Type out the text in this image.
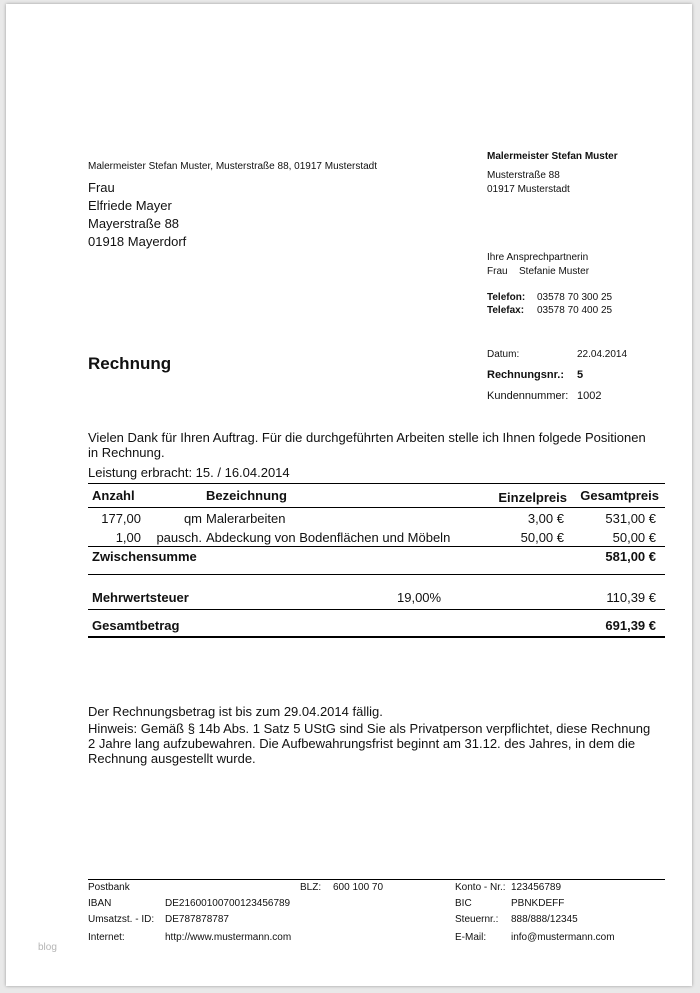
Malermeister Stefan Muster, Musterstraße 88, 01917 Musterstadt
Frau
Elfriede Mayer
Mayerstraße 88
01918 Mayerdorf
Malermeister Stefan Muster
Musterstraße 88
01917 Musterstadt
Ihre Ansprechpartnerin
Frau Stefanie Muster
Telefon: 03578 70 300 25
Telefax: 03578 70 400 25
Rechnung	Datum:	22.04.2014
Rechnungsnr.: 5
Kundennummer: 1002
Vielen Dank für Ihren Auftrag. Für die durchgeführten Arbeiten stelle ich Ihnen folgede Positionen
in Rechnung.
Leistung erbracht: 15. / 16.04.2014
Anzahl	Bezeichnung	Einzelpreis	Gesamtpreis
177,00	qm Malerarbeiten	3,00 €	531,00 €
1,00	pausch. Abdeckung von Bodenflächen und Möbeln	50,00 €	50,00 €
Zwischensumme	581,00 €
Mehrwertsteuer	19,00%	110,39 €
Gesamtbetrag	691,39 €
Der Rechnungsbetrag ist bis zum 29.04.2014 fällig.
Hinweis: Gemäß § 14b Abs. 1 Satz 5 UStG sind Sie als Privatperson verpflichtet, diese Rechnung
2 Jahre lang aufzubewahren. Die Aufbewahrungsfrist beginnt am 31.12. des Jahres, in dem die
Rechnung ausgestellt wurde.
Postbank	BLZ: 600 100 70	Konto - Nr.: 123456789
IBAN	DE21600100700123456789	BIC	PBNKDEFF
Umsatzst. - ID: DE787878787	Steuernr.: 888/888/12345
Internet:	http://www.mustermann.com	E-Mail: info@mustermann.com
blog
